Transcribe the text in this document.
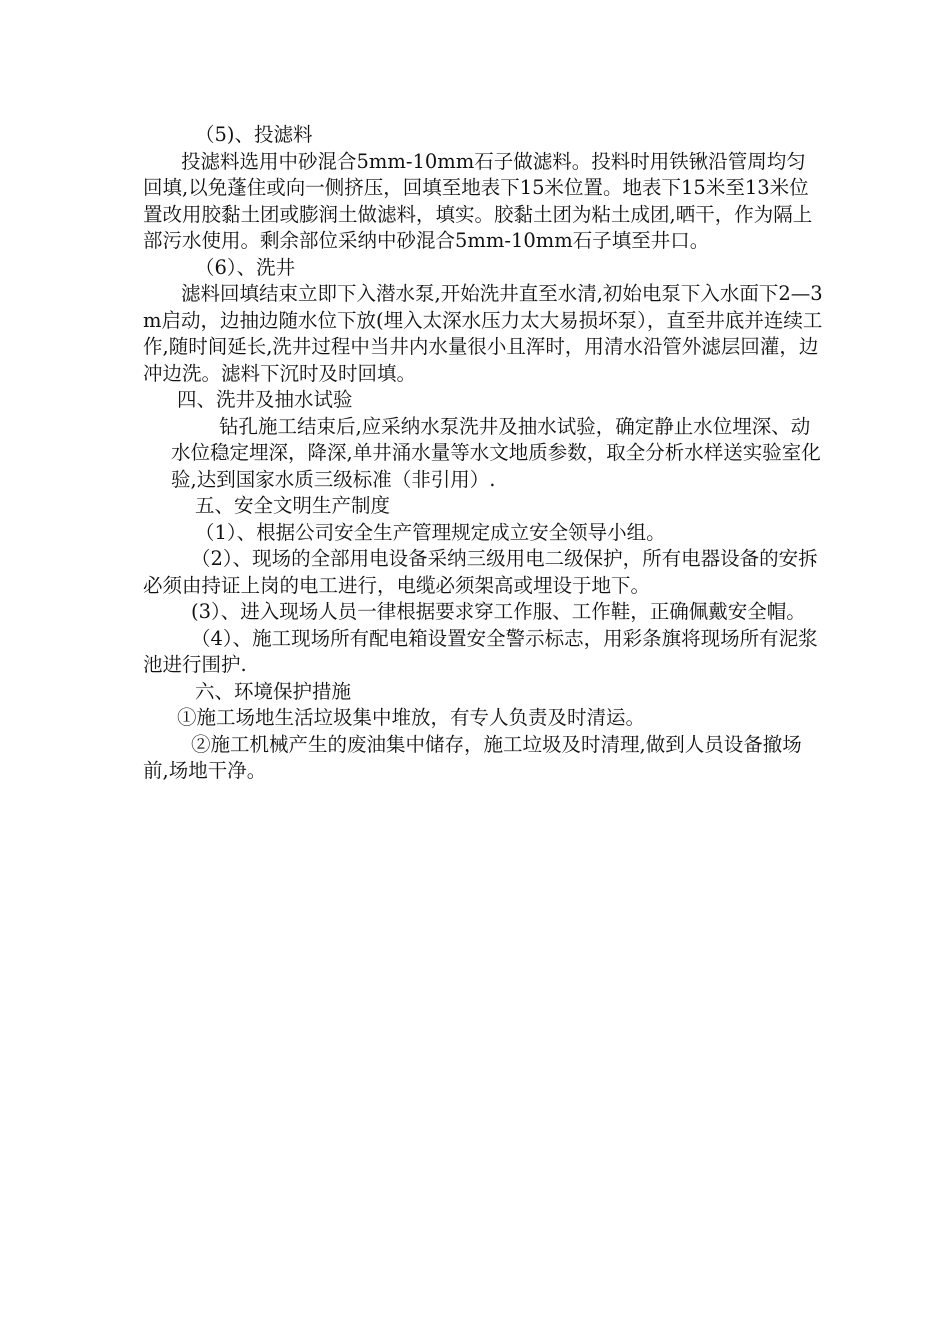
（5)、投滤料

投滤料选用中砂混合5mm-10mm石子做滤料。投料时用铁锹沿管周均匀回填,以免蓬住或向一侧挤压，回填至地表下15米位置。地表下15米至13米位置改用胶黏土团或膨润土做滤料，填实。胶黏土团为粘土成团,晒干，作为隔上部污水使用。剩余部位采纳中砂混合5mm-10mm石子填至井口。

（6）、洗井

滤料回填结束立即下入潜水泵,开始洗井直至水清,初始电泵下入水面下2—3m启动，边抽边随水位下放(埋入太深水压力太大易损坏泵），直至井底并连续工作,随时间延长,洗井过程中当井内水量很小且浑时，用清水沿管外滤层回灌，边冲边洗。滤料下沉时及时回填。

四、洗井及抽水试验

钻孔施工结束后,应采纳水泵洗井及抽水试验，确定静止水位埋深、动水位稳定埋深，降深,单井涌水量等水文地质参数，取全分析水样送实验室化验,达到国家水质三级标准（非引用）.

五、安全文明生产制度

（1）、根据公司安全生产管理规定成立安全领导小组。

（2）、现场的全部用电设备采纳三级用电二级保护，所有电器设备的安拆必须由持证上岗的电工进行，电缆必须架高或埋设于地下。

(3）、进入现场人员一律根据要求穿工作服、工作鞋，正确佩戴安全帽。

（4）、施工现场所有配电箱设置安全警示标志，用彩条旗将现场所有泥浆池进行围护.

六、环境保护措施

①施工场地生活垃圾集中堆放，有专人负责及时清运。

②施工机械产生的废油集中储存，施工垃圾及时清理,做到人员设备撤场前,场地干净。
